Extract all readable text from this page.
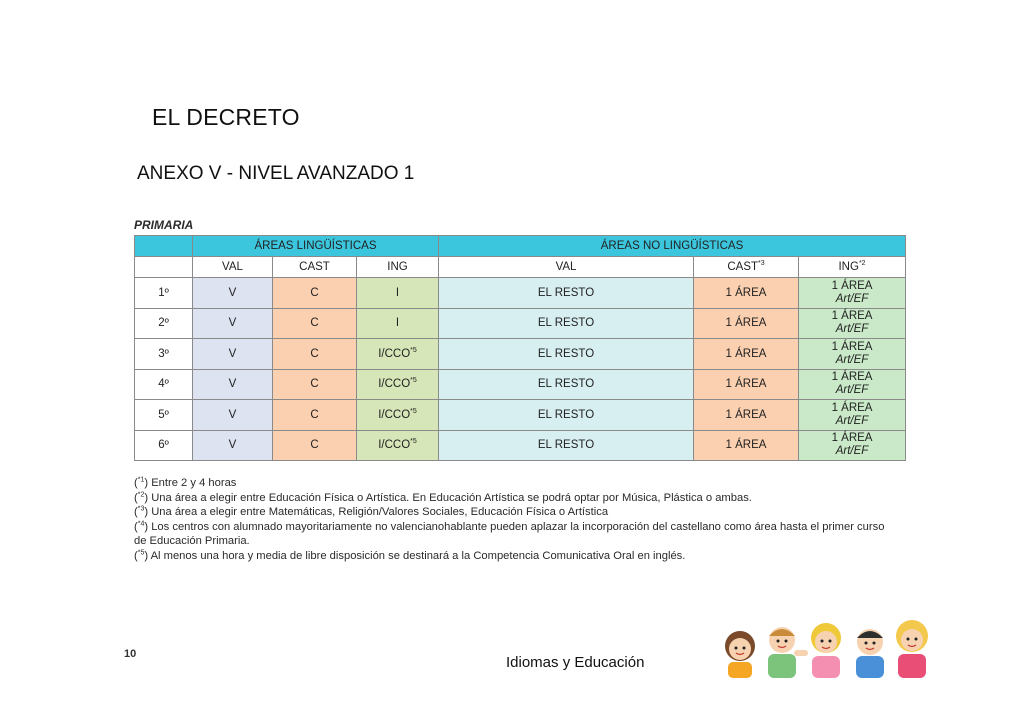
EL DECRETO
ANEXO V - NIVEL AVANZADO 1
PRIMARIA
	ÁREAS LINGÜÍSTICAS			ÁREAS NO LINGÜÍSTICAS		
	VAL	CAST	ING	VAL	CAST$^{*3}$	ING$^{*2}$
1º	V	C	I	EL RESTO	1 ÁREA	1 ÁREA
Art/EF

2º	V	C	I	EL RESTO	1 ÁREA	1 ÁREA
Art/EF

3º	V	C	I/CCO$^{*5}$	EL RESTO	1 ÁREA	1 ÁREA
Art/EF

4º	V	C	I/CCO$^{*5}$	EL RESTO	1 ÁREA	1 ÁREA
Art/EF

5º	V	C	I/CCO$^{*5}$	EL RESTO	1 ÁREA	1 ÁREA
Art/EF

6º	V	C	I/CCO$^{*5}$	EL RESTO	1 ÁREA	1 ÁREA
Art/EF

($^{*1}$) Entre 2 y 4 horas

($^{*2}$) Una área a elegir entre Educación Física o Artística. En Educación Artística se podrá optar por Música, Plástica o ambas.

($^{*3}$) Una área a elegir entre Matemáticas, Religión/Valores Sociales, Educación Física o Artística

($^{*4}$) Los centros con alumnado mayoritariamente no valencianohablante pueden aplazar la incorporación del castellano como área hasta el primer curso de Educación Primaria.

($^{*5}$) Al menos una hora y media de libre disposición se destinará a la Competencia Comunicativa Oral en inglés.

10	Idiomas y Educación
